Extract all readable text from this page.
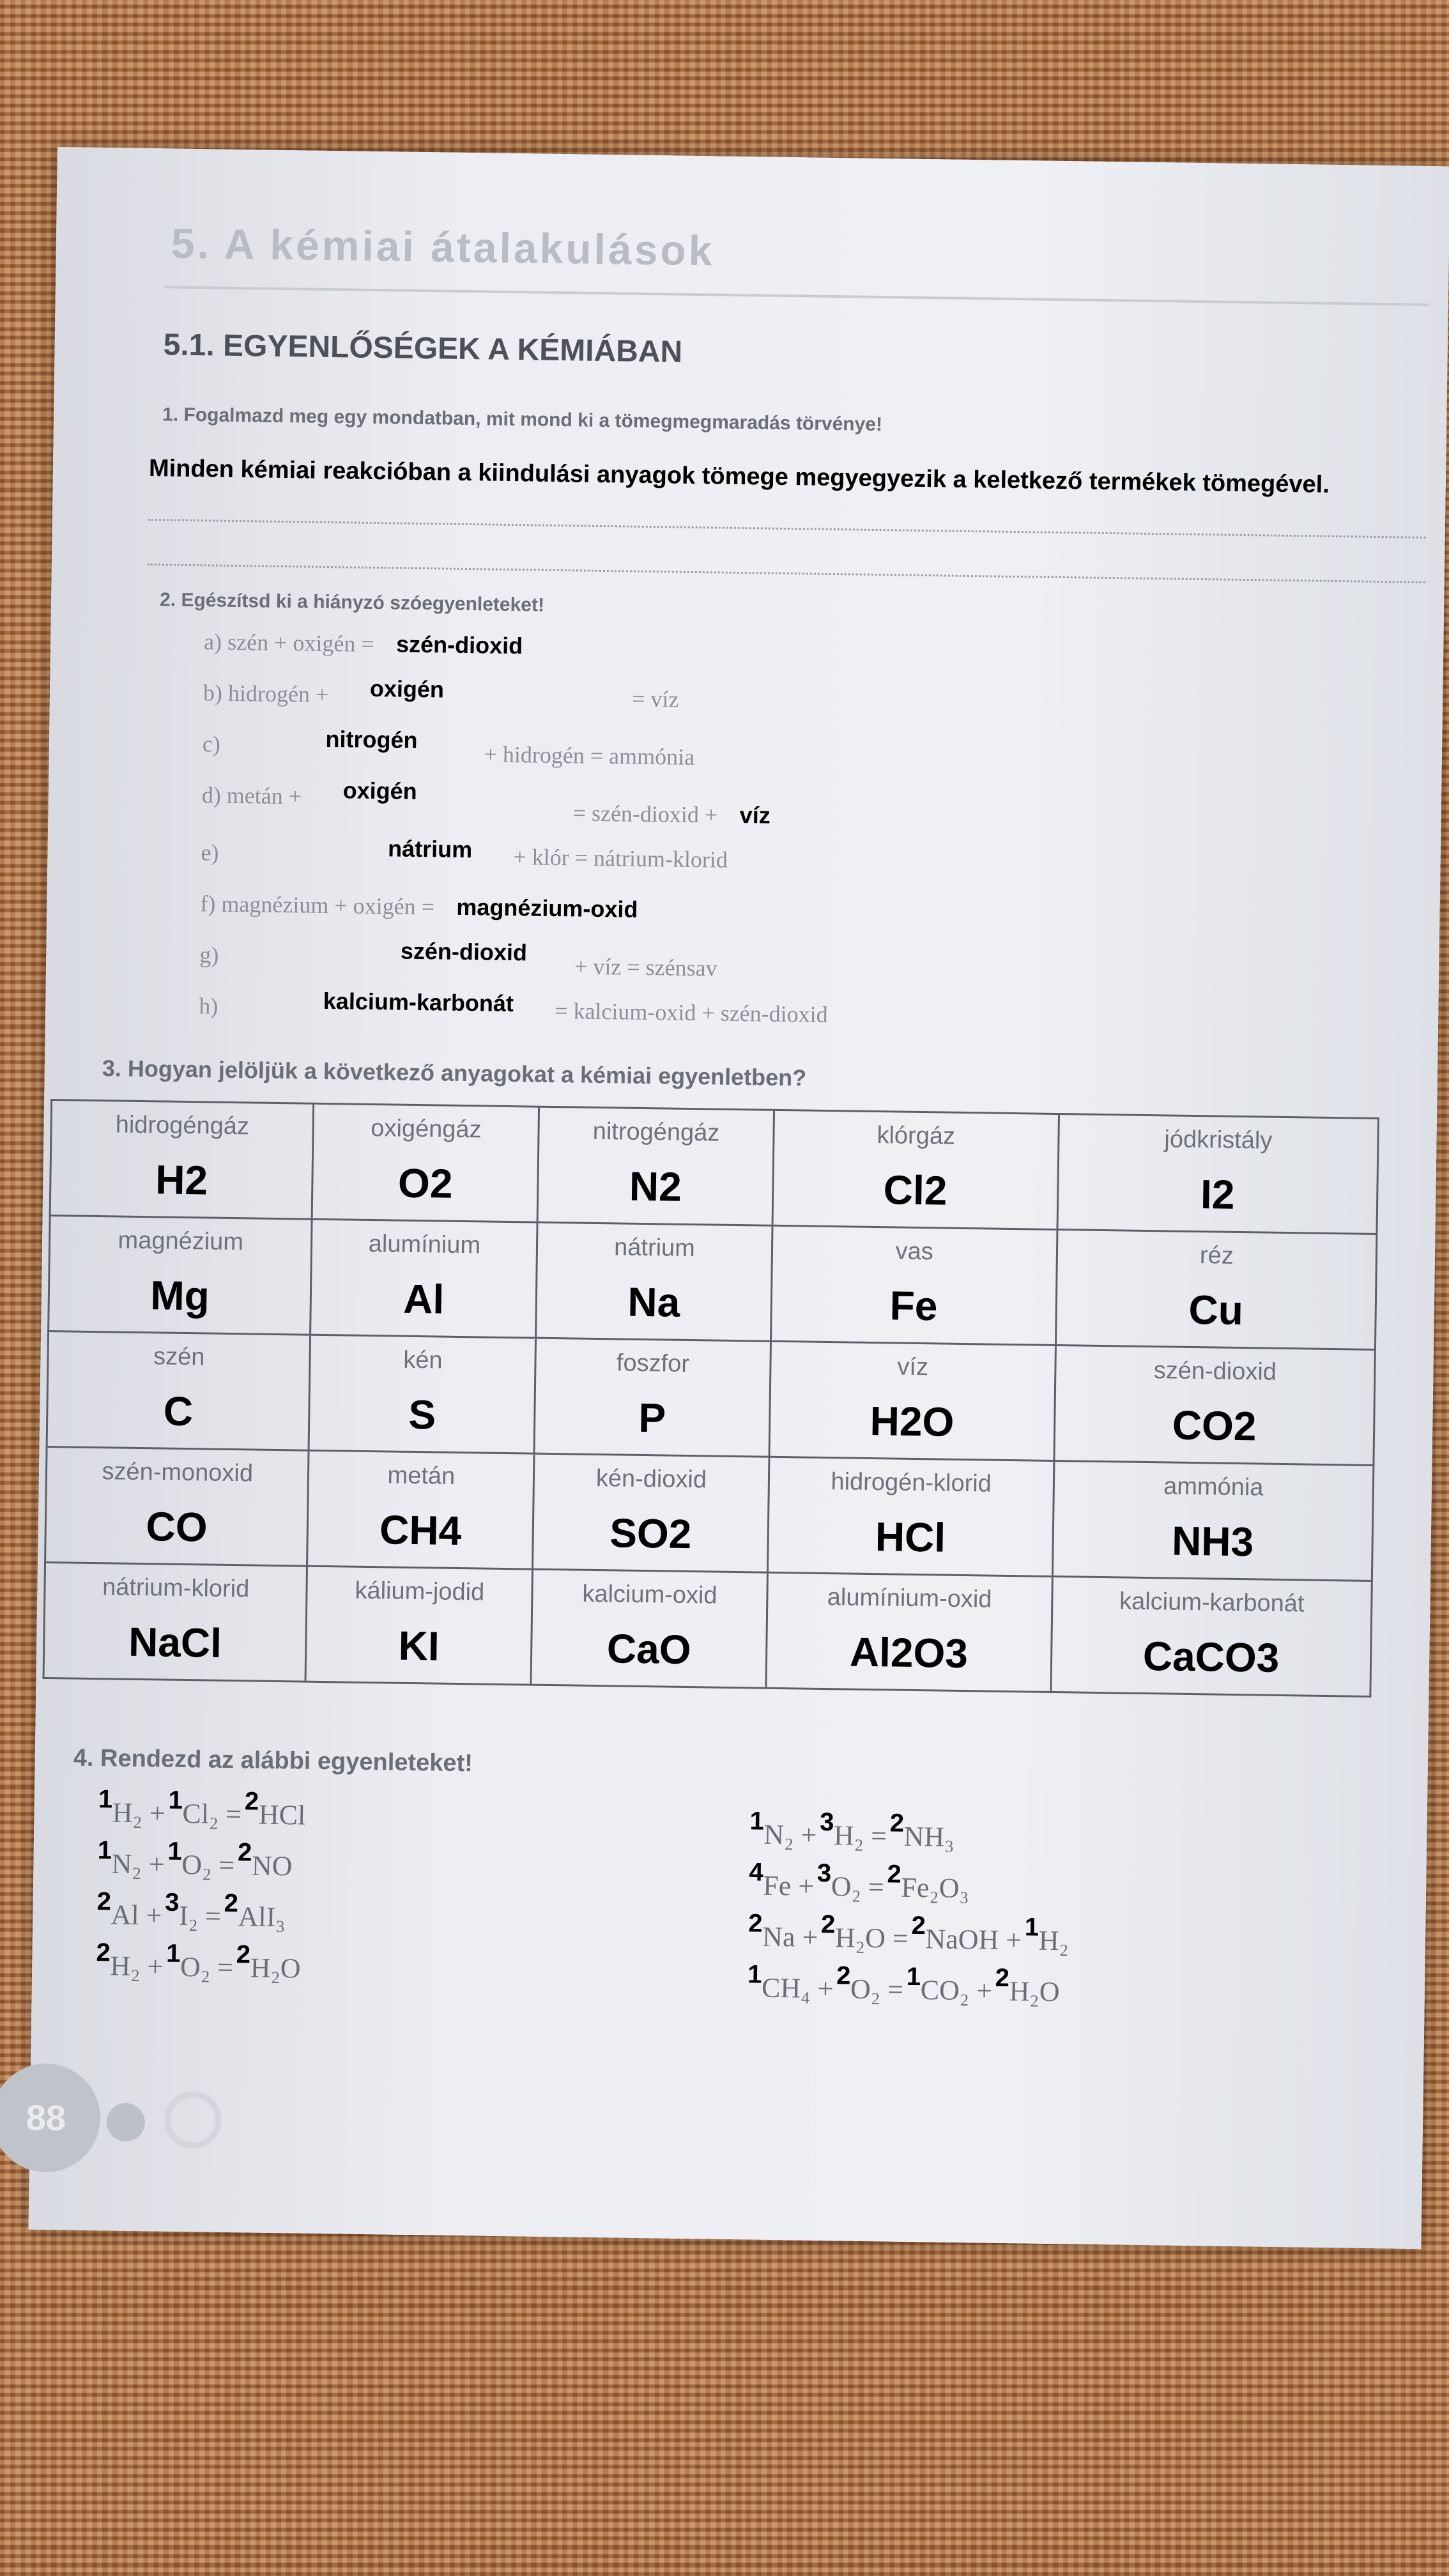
5. A kémiai átalakulások
5.1. EGYENLŐSÉGEK A KÉMIÁBAN
1. Fogalmazd meg egy mondatban, mit mond ki a tömegmegmaradás törvénye!
Minden kémiai reakcióban a kiindulási anyagok tömege megyegyezik a keletkező termékek tömegével.
2. Egészítsd ki a hiányzó szóegyenleteket!
a) szén + oxigén = szén-dioxid
b) hidrogén + oxigén	= víz
c)	nitrogén + hidrogén = ammónia
d) metán + oxigén = szén-dioxid + víz
e)	nátrium + klór = nátrium-klorid
f) magnézium + oxigén = magnézium-oxid
g)	szén-dioxid + víz = szénsav
h)	kalcium-karbonát = kalcium-oxid + szén-dioxid
3. Hogyan jelöljük a következő anyagokat a kémiai egyenletben?
hidrogéngáz
H2	oxigéngáz
O2	nitrogéngáz
N2	klórgáz
Cl2	jódkristály
I2

magnézium
Mg	alumínium
Al	nátrium
Na	vas
Fe	réz
Cu

szén
C	kén
S	foszfor
P	víz
H2O	szén-dioxid
CO2

szén-monoxid
CO	metán
CH4	kén-dioxid
SO2	hidrogén-klorid
HCl	ammónia
NH3

nátrium-klorid
NaCl	kálium-jodid
KI	kalcium-oxid
CaO	alumínium-oxid
Al2O3	kalcium-karbonát
CaCO3
4. Rendezd az alábbi egyenleteket!
1H₂ + 1Cl₂ = 2HCl
1N₂ + 1O₂ = 2NO
2Al + 3I₂ = 2AlI₃
2H₂ + 1O₂ = 2H₂O
1N₂ + 3H₂ = 2NH₃
4Fe + 3O₂ = 2Fe₂O₃
2Na + 2H₂O = 2NaOH + 1H₂
1CH₄ + 2O₂ = 1CO₂ + 2H₂O
88
